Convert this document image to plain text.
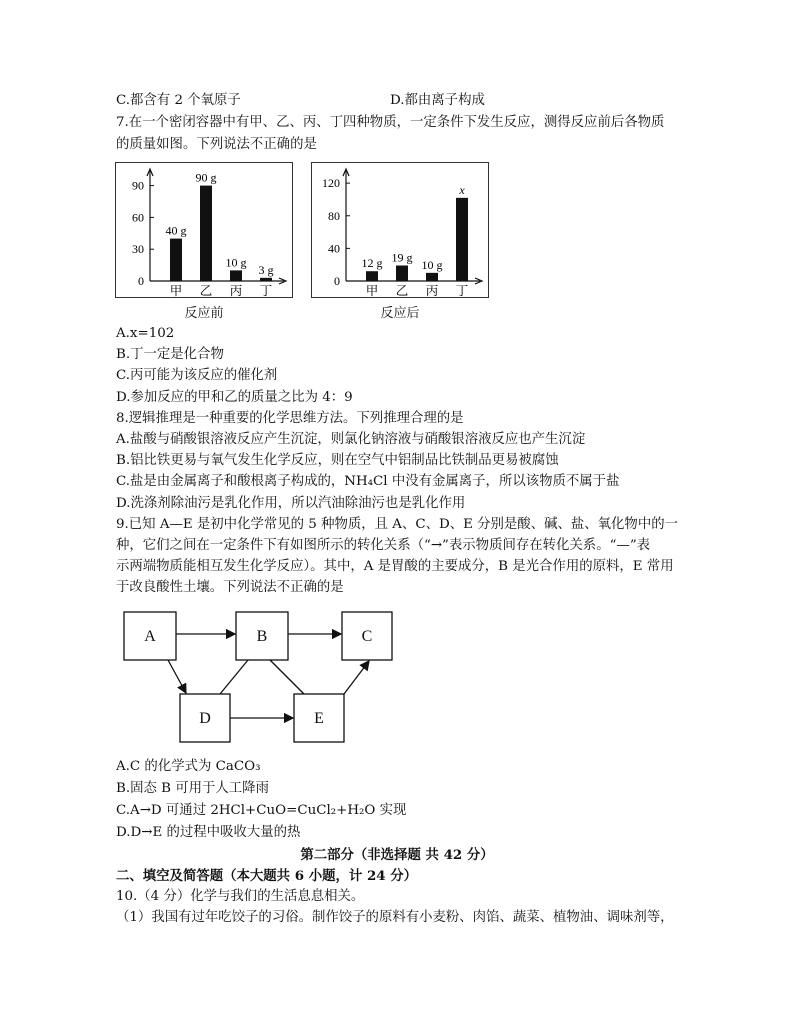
C.都含有 2 个氧原子	D.都由离子构成
7.在一个密闭容器中有甲、乙、丙、丁四种物质，一定条件下发生反应，测得反应前后各物质
的质量如图。下列说法不正确的是
0
30
60
90
40 g
甲
90 g
乙
10 g
丙
3 g
丁
0
40
80
120
12 g
甲
19 g
乙
10 g
丙
x
丁
反应前	反应后
A.x=102
B.丁一定是化合物
C.丙可能为该反应的催化剂
D.参加反应的甲和乙的质量之比为 4：9
8.逻辑推理是一种重要的化学思维方法。下列推理合理的是
A.盐酸与硝酸银溶液反应产生沉淀，则氯化钠溶液与硝酸银溶液反应也产生沉淀
B.铝比铁更易与氧气发生化学反应，则在空气中铝制品比铁制品更易被腐蚀
C.盐是由金属离子和酸根离子构成的，NH₄Cl 中没有金属离子，所以该物质不属于盐
D.洗涤剂除油污是乳化作用，所以汽油除油污也是乳化作用
9.已知 A—E 是初中化学常见的 5 种物质，且 A、C、D、E 分别是酸、碱、盐、氧化物中的一
种，它们之间在一定条件下有如图所示的转化关系（“→”表示物质间存在转化关系。“—”表
示两端物质能相互发生化学反应）。其中，A 是胃酸的主要成分，B 是光合作用的原料，E 常用
于改良酸性土壤。下列说法不正确的是
A	B	C
D	E
A.C 的化学式为 CaCO₃
B.固态 B 可用于人工降雨
C.A→D 可通过 2HCl+CuO=CuCl₂+H₂O 实现
D.D→E 的过程中吸收大量的热
第二部分（非选择题 共 42 分）
二、填空及简答题（本大题共 6 小题，计 24 分）
10.（4 分）化学与我们的生活息息相关。
（1）我国有过年吃饺子的习俗。制作饺子的原料有小麦粉、肉馅、蔬菜、植物油、调味剂等，
